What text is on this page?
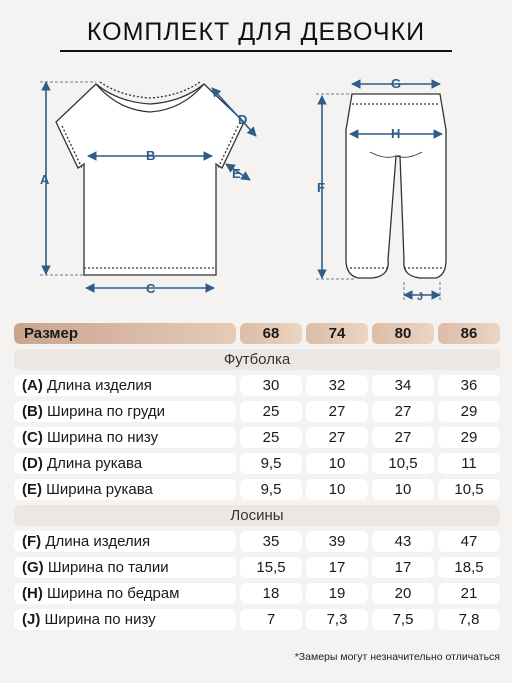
КОМПЛЕКТ ДЛЯ ДЕВОЧКИ
A
B
C
D
E
G
H
F
J
Размер	68	74	80	86
Футболка				
(A) Длина изделия	30	32	34	36
(B) Ширина по груди	25	27	27	29
(C) Ширина по низу	25	27	27	29
(D) Длина рукава	9,5	10	10,5	11
(E) Ширина рукава	9,5	10	10	10,5
Лосины				
(F) Длина изделия	35	39	43	47
(G) Ширина по талии	15,5	17	17	18,5
(H) Ширина по бедрам	18	19	20	21
(J) Ширина по низу	7	7,3	7,5	7,8
*Замеры могут незначительно отличаться
